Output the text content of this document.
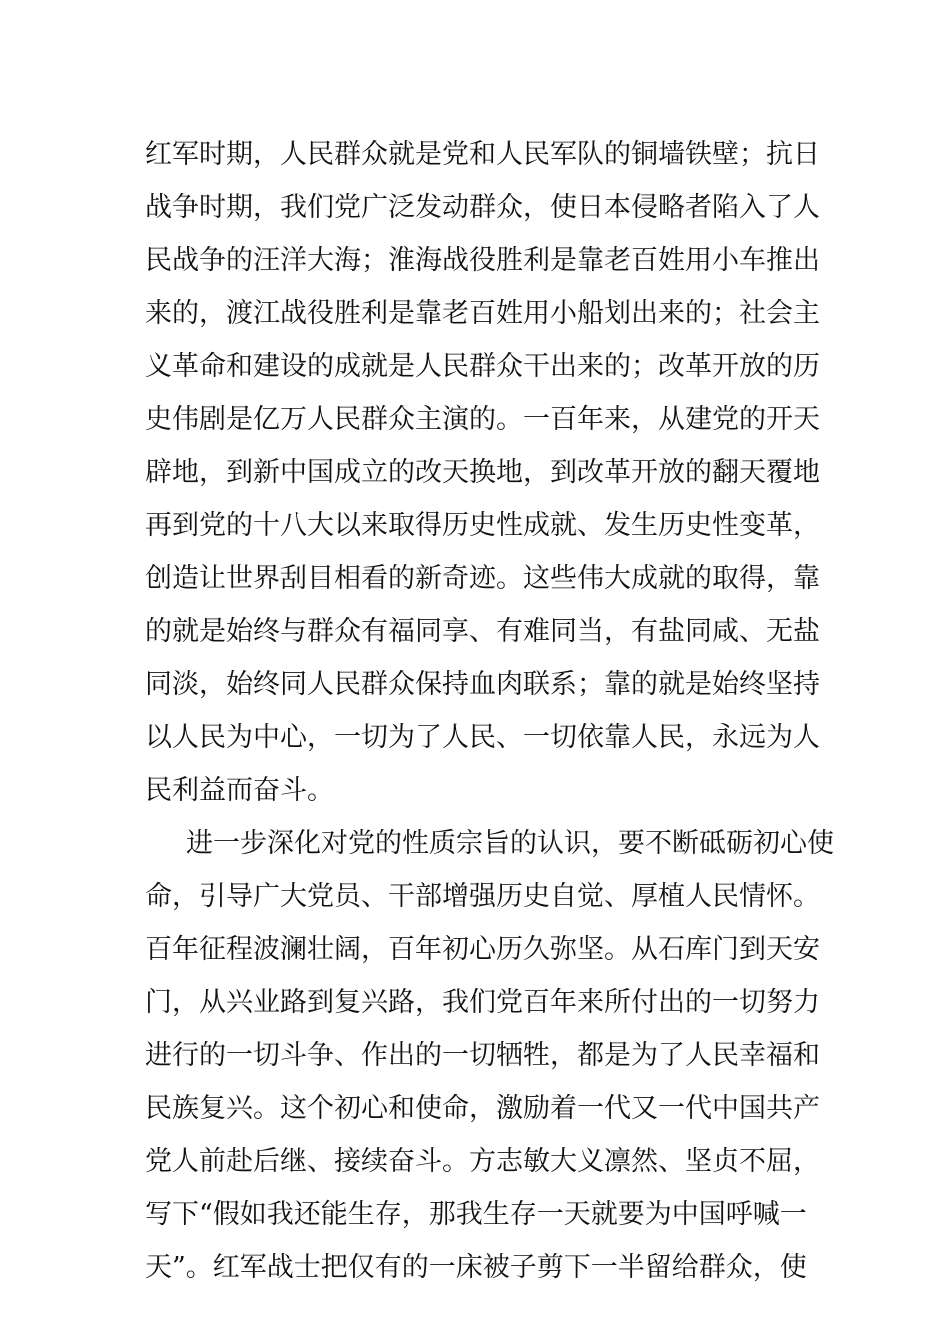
红军时期，人民群众就是党和人民军队的铜墙铁壁；抗日
战争时期，我们党广泛发动群众，使日本侵略者陷入了人
民战争的汪洋大海；淮海战役胜利是靠老百姓用小车推出
来的，渡江战役胜利是靠老百姓用小船划出来的；社会主
义革命和建设的成就是人民群众干出来的；改革开放的历
史伟剧是亿万人民群众主演的。一百年来，从建党的开天
辟地，到新中国成立的改天换地，到改革开放的翻天覆地
再到党的十八大以来取得历史性成就、发生历史性变革，
创造让世界刮目相看的新奇迹。这些伟大成就的取得，靠
的就是始终与群众有福同享、有难同当，有盐同咸、无盐
同淡，始终同人民群众保持血肉联系；靠的就是始终坚持
以人民为中心，一切为了人民、一切依靠人民，永远为人
民利益而奋斗。
进一步深化对党的性质宗旨的认识，要不断砥砺初心使
命，引导广大党员、干部增强历史自觉、厚植人民情怀。
百年征程波澜壮阔，百年初心历久弥坚。从石库门到天安
门，从兴业路到复兴路，我们党百年来所付出的一切努力
进行的一切斗争、作出的一切牺牲，都是为了人民幸福和
民族复兴。这个初心和使命，激励着一代又一代中国共产
党人前赴后继、接续奋斗。方志敏大义凛然、坚贞不屈，
写下“假如我还能生存，那我生存一天就要为中国呼喊一
天”。红军战士把仅有的一床被子剪下一半留给群众，使
